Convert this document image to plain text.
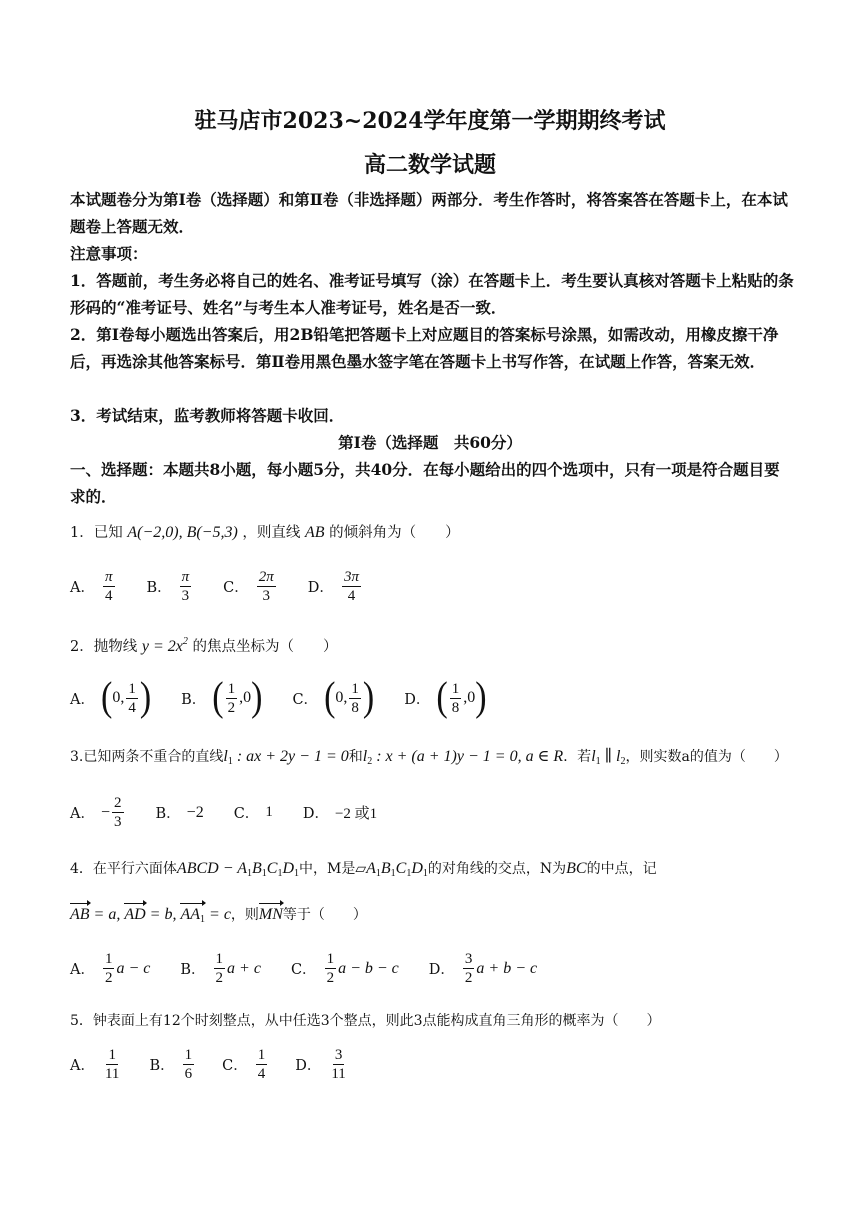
驻马店市2023~2024学年度第一学期期终考试
高二数学试题
本试题卷分为第Ⅰ卷（选择题）和第Ⅱ卷（非选择题）两部分．考生作答时，将答案答在答题卡上，在本试题卷上答题无效．
注意事项：
1．答题前，考生务必将自己的姓名、准考证号填写（涂）在答题卡上．考生要认真核对答题卡上粘贴的条形码的“准考证号、姓名”与考生本人准考证号，姓名是否一致．
2．第Ⅰ卷每小题选出答案后，用2B铅笔把答题卡上对应题目的答案标号涂黑，如需改动，用橡皮擦干净后，再选涂其他答案标号．第Ⅱ卷用黑色墨水签字笔在答题卡上书写作答，在试题上作答，答案无效．
3．考试结束，监考教师将答题卡收回．
第Ⅰ卷（选择题　共60分）
一、选择题：本题共8小题，每小题5分，共40分．在每小题给出的四个选项中，只有一项是符合题目要求的．
1．已知 A(−2,0), B(−5,3) ，则直线 AB 的倾斜角为（　　）
A． $\frac{\pi}{4}$ B． $\frac{\pi}{3}$ C． $\frac{2\pi}{3}$ D． $\frac{3\pi}{4}$
2．抛物线 $y = 2x^2$ 的焦点坐标为（　　）
A． ( 0, $\frac{1}{4}$ ) B． ( $\frac{1}{2} ,0$ ) C． ( 0, $\frac{1}{8}$ ) D． ( $\frac{1}{8} ,0$ )
3.已知两条不重合的直线$l_1$ : ax + 2y − 1 = 0和$l_2$ : x + (a + 1)y − 1 = 0, a ∈ R．若$l_1$ ∥ $l_2$，则实数a的值为（　　）
A． − $\frac{2}{3}$ B． −2 C． 1 D． −2 或1
4．在平行六面体ABCD − $A_1B_1C_1D_1$中，M是$▱A_1B_1C_1D_1$的对角线的交点，N为BC的中点，记
AB = a, AD = b, $AA_1 = c$，则MN等于（　　）
A． $\frac{1}{2}$ a − c B． $\frac{1}{2}$ a + c C． $\frac{1}{2}$ a − b − c D． $\frac{3}{2}$ a + b − c
5．钟表面上有12个时刻整点，从中任选3个整点，则此3点能构成直角三角形的概率为（　　）
A． $\frac{1}{11}$ B． $\frac{1}{6}$ C． $\frac{1}{4}$ D． $\frac{3}{11}$
